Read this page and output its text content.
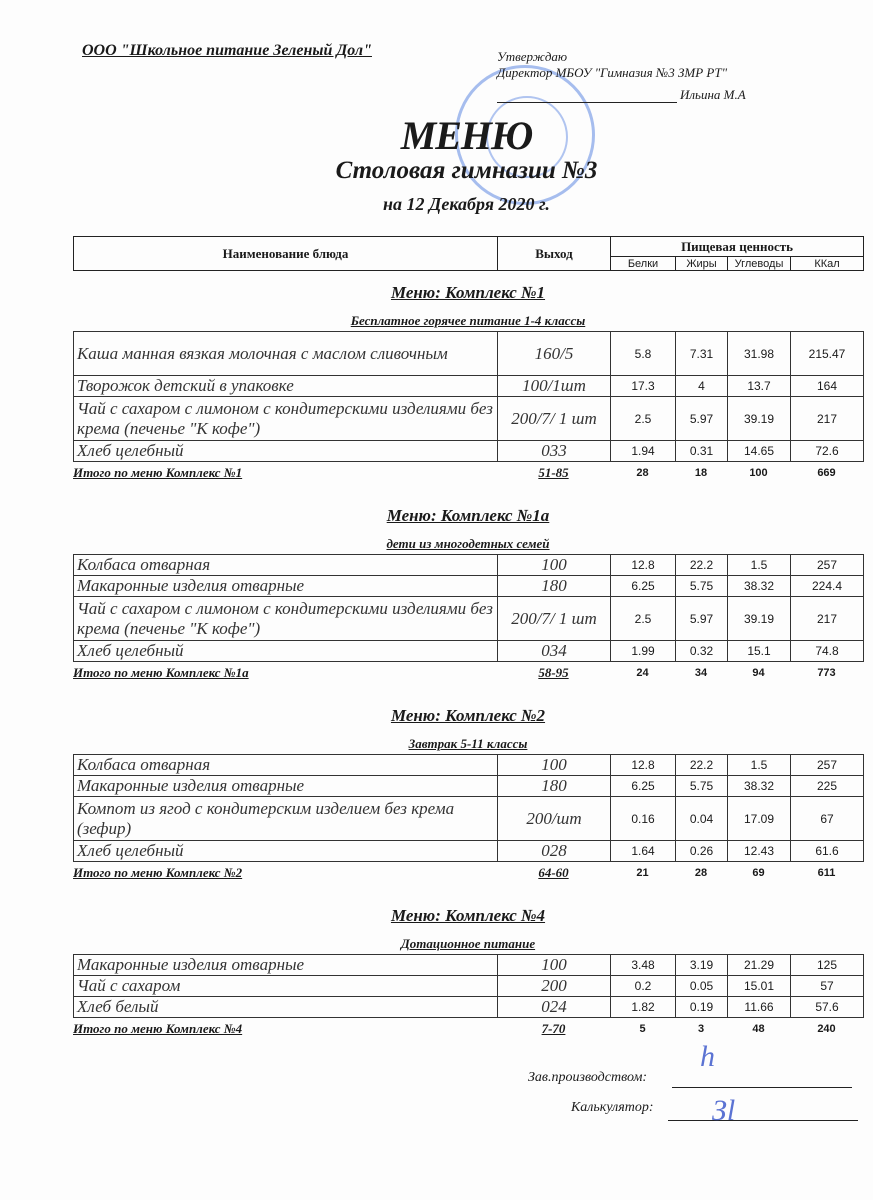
ООО "Школьное питание Зеленый Дол"	Утверждаю
Директор МБОУ "Гимназия №3 ЗМР РТ"
Ильина М.А
МЕНЮ
Столовая гимназии №3
на 12 Декабря 2020 г.
Наименование блюда	Выход	Пищевая ценность			
		Белки	Жиры	Углеводы	ККал
Меню: Комплекс №1
Бесплатное горячее питание 1-4 классы
Каша манная вязкая молочная с маслом сливочным	160/5	5.8	7.31	31.98	215.47
Творожок детский в упаковке	100/1шт	17.3	4	13.7	164
Чай с сахаром с лимоном с кондитерскими изделиями без крема (печенье "К кофе")	200/7/ 1 шт	2.5	5.97	39.19	217
Хлеб целебный	033	1.94	0.31	14.65	72.6
Итого по меню Комплекс №1	51-85	28	18	100	669
Меню: Комплекс №1а
дети из многодетных семей
Колбаса отварная	100	12.8	22.2	1.5	257
Макаронные изделия отварные	180	6.25	5.75	38.32	224.4
Чай с сахаром с лимоном с кондитерскими изделиями без крема (печенье "К кофе")	200/7/ 1 шт	2.5	5.97	39.19	217
Хлеб целебный	034	1.99	0.32	15.1	74.8
Итого по меню Комплекс №1а	58-95	24	34	94	773
Меню: Комплекс №2
Завтрак 5-11 классы
Колбаса отварная	100	12.8	22.2	1.5	257
Макаронные изделия отварные	180	6.25	5.75	38.32	225
Компот из ягод с кондитерским изделием без крема (зефир)	200/шт	0.16	0.04	17.09	67
Хлеб целебный	028	1.64	0.26	12.43	61.6
Итого по меню Комплекс №2	64-60	21	28	69	611
Меню: Комплекс №4
Дотационное питание
Макаронные изделия отварные	100	3.48	3.19	21.29	125
Чай с сахаром	200	0.2	0.05	15.01	57
Хлеб белый	024	1.82	0.19	11.66	57.6
Итого по меню Комплекс №4	7-70	5	3	48	240
Зав.производством:
h
Калькулятор: Зl
